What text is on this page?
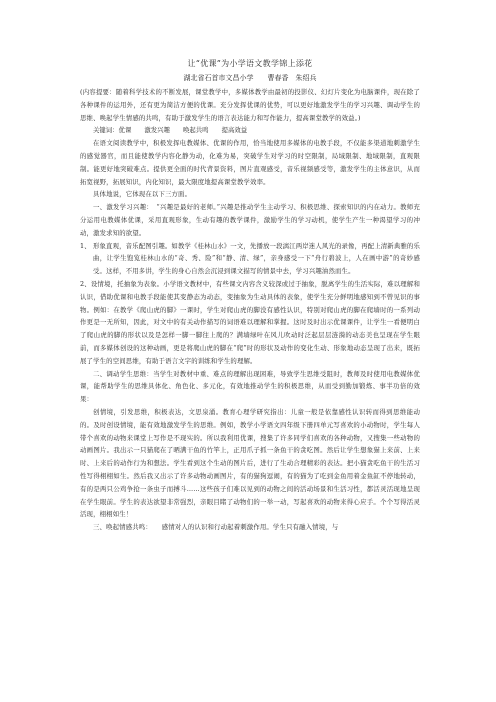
让“优课”为小学语文教学锦上添花
湖北省石首市文昌小学　　曹春香　朱绍兵

(内容提要：随着科学技术的不断发展，课堂教学中，多媒体教学由最初的投影仪、幻灯片变化为电脑课件，现在除了各种课件的运用外，还有更为简洁方便的优课。充分发挥优课的优势，可以更好地激发学生的学习兴趣、调动学生的思维、唤起学生情感的共鸣，有助于激发学生的语言表达能力和写作能力，提高课堂教学的效益。)

关键词：优课 激发兴趣 唤起共鸣 提高效益

在语文阅读教学中，积极发挥电教媒体、优课的作用，恰当地使用多媒体的电教手段，不仅能多渠道地刺激学生的感觉器官，而且能使教学内容化静为动，化难为易，突破学生对学习的时空限制，局域限制、地域限制，直观限制。能更好地突破难点。提供更全面的时代背景资料，图片直观感受，音乐视频感受等，激发学生的主体意识，从而拓宽视野，拓展知识，内化知识，最大限度地提高课堂教学效率。

具体地说，它体现在以下三方面。

一、激发学习兴趣：　“兴趣是最好的老师。”兴趣是推动学生主动学习、积极思维、探索知识的内在动力。教师充分运用电教媒体优课，采用直观形象，生动有趣的教学课件，激励学生的学习动机，使学生产生一种渴望学习的冲动，激发求知的欲望。

1、 形象直观，音乐配图引趣。如教学《桂林山水》一文，先播放一段漓江两岸迷人风光的录像，再配上清新典雅的乐曲，让学生饱览桂林山水的“奇、秀、险”和“静、清、绿”，亲身感受一下“舟行碧波上，人在画中游”的奇妙感受。这样，不用多讲，学生的身心自然会沉浸到课文描写的情景中去，学习兴趣油然而生。

2、设情境，托抽象为表象。小学语文教材中，有些课文内容含义较深或过于抽象，脱离学生的生活实际，难以理解和认识，借助优课和电教手段能使其变静态为动态，变抽象为生动具体的表象，使学生充分鲜明地感知到不曾见识的事物。例如：在教学《爬山虎的脚》一课时，学生对爬山虎的脚没有感性认识，特别对爬山虎的脚在爬墙时的一系列动作更是一无所知，因此，对文中的有关动作描写的词语难以理解和掌握。这时及时出示优课课件，让学生一看便明白了爬山虎的脚的形状以及是怎样一脚一脚往上爬的？满墙绿叶在风儿吹动时泛起层层涟漪的动态美也呈现在学生眼前，而多媒体创设的这种动画，更是将爬山虎的脚在“爬”时的形状及动作的变化生动、形象地动态呈现了出来，既拓展了学生的空间思维，有助于语言文字的训练和学生的理解。

二、调动学生思维：当学生对教材中重、难点的理解出现困难，导致学生思维受阻时，教师及时使用电教媒体优课，能帮助学生的思维具体化、角色化、多元化，有效地推动学生的积极思维，从而受到勤加锻炼、事半功倍的效果：

创情境，引发思维，积极表达，文思泉涌。教育心理学研究指出：儿童一般是依靠感性认识转而得到思维能动的。及时创设情境，能有效地激发学生的思维。例如，教学小学语文四年级下册四单元写喜欢的小动物时，学生每人带个喜欢的动物来课堂上写作是不现实的。所以我利用优课，搜集了许多同学们喜欢的各种动物，又搜集一些动物的动画图片。我出示一只猫爬在了晒满干鱼的竹竿上，正用爪子抓一条鱼干的贪吃图。然后让学生想象猫上来前、上来时、上来后的动作行为和想法。学生看到这个生动的图片后，进行了生动合理精彩的表达。把小猫贪吃鱼干的生活习性写得栩栩如生。然后我又出示了许多动物动画图片，有的猫狗逗闹，有的猫为了吃到金鱼用着金鱼缸不停地转动，有的是两只公鸡争抢一条虫子而搏斗……这些孩子们难以见到的动物之间的活动场景和生活习性，都活灵活现地呈现在学生眼前。学生的表达欲望非常强烈，亲眼目睹了动物们的一举一动，写起喜欢的动物来得心应手。个个写得活灵活现，栩栩如生！

三、唤起情感共鸣：　　感情对人的认识和行动起着刺激作用。学生只有融入情境，与
